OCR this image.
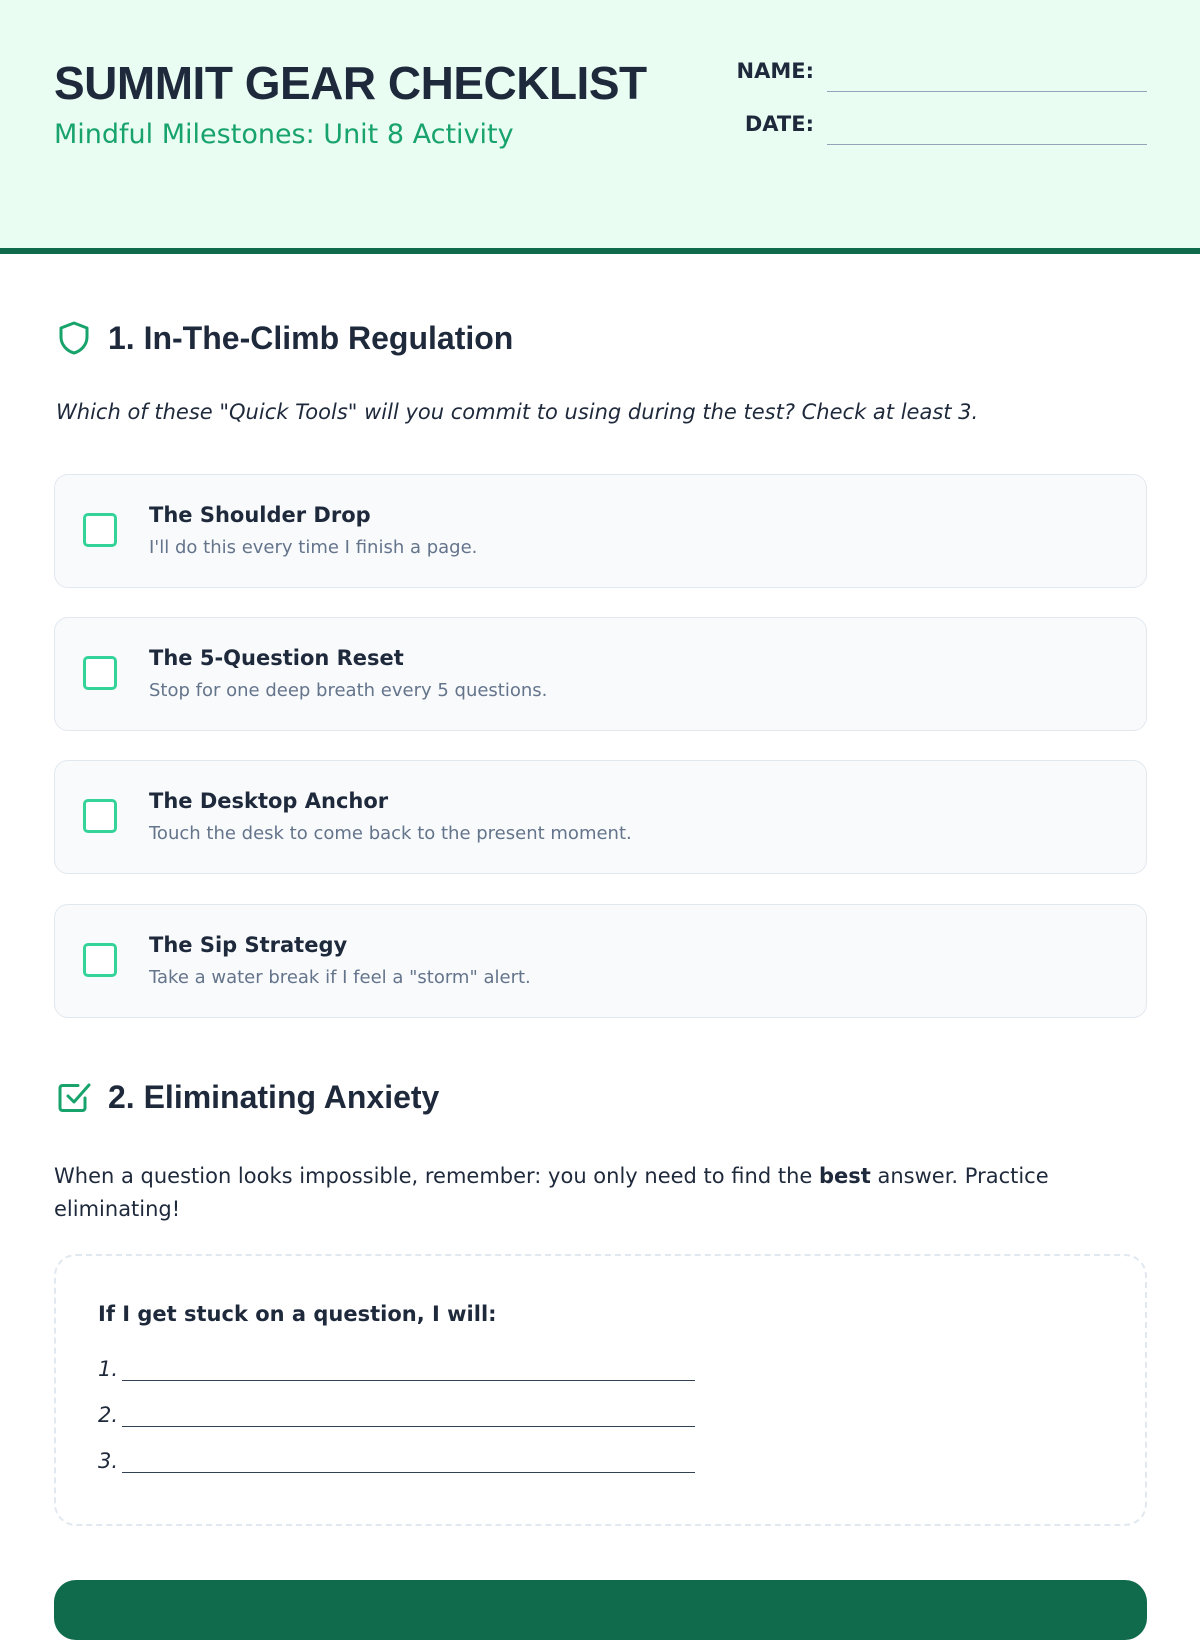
SUMMIT GEAR CHECKLIST
Mindful Milestones: Unit 8 Activity
NAME:
DATE:
1. In-The-Climb Regulation
Which of these "Quick Tools" will you commit to using during the test? Check at least 3.
The Shoulder Drop
I'll do this every time I finish a page.
The 5-Question Reset
Stop for one deep breath every 5 questions.
The Desktop Anchor
Touch the desk to come back to the present moment.
The Sip Strategy
Take a water break if I feel a "storm" alert.
2. Eliminating Anxiety
When a question looks impossible, remember: you only need to find the best answer. Practice eliminating!
If I get stuck on a question, I will:
1.
2.
3.
